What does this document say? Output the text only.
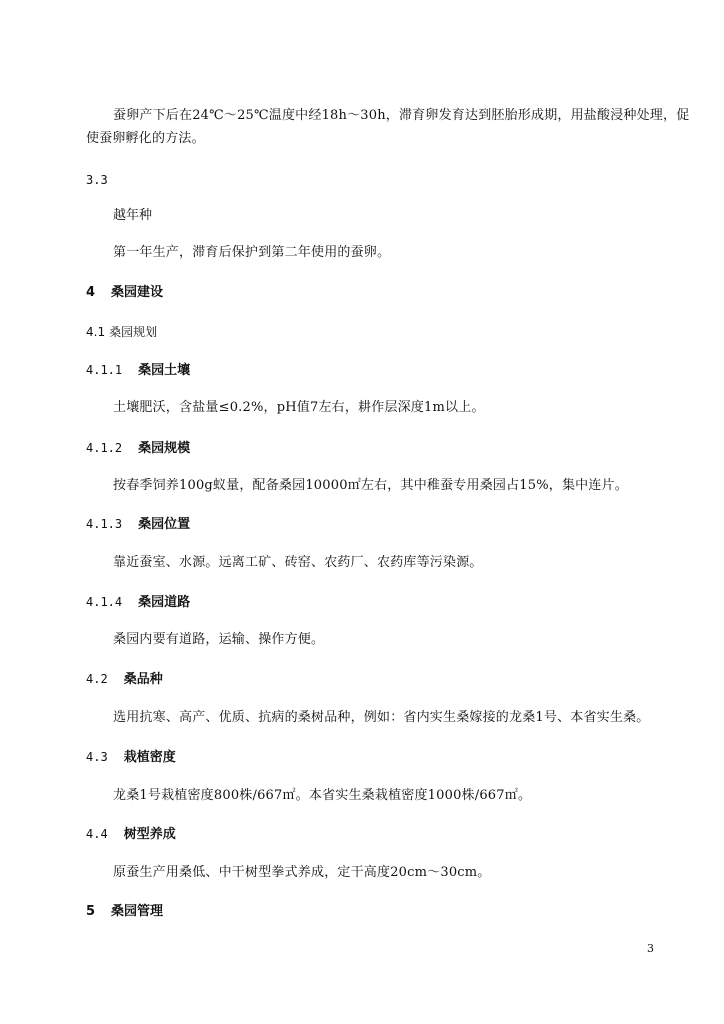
蚕卵产下后在24℃～25℃温度中经18h～30h，滞育卵发育达到胚胎形成期，用盐酸浸种处理，促
使蚕卵孵化的方法。
3.3
越年种
第一年生产，滞育后保护到第二年使用的蚕卵。
4 桑园建设
4.1 桑园规划
4.1.1 桑园土壤
土壤肥沃，含盐量≤0.2%，pH值7左右，耕作层深度1m以上。
4.1.2 桑园规模
按春季饲养100g蚁量，配备桑园10000㎡左右，其中稚蚕专用桑园占15%，集中连片。
4.1.3 桑园位置
靠近蚕室、水源。远离工矿、砖窑、农药厂、农药库等污染源。
4.1.4 桑园道路
桑园内要有道路，运输、操作方便。
4.2 桑品种
选用抗寒、高产、优质、抗病的桑树品种，例如：省内实生桑嫁接的龙桑1号、本省实生桑。
4.3 栽植密度
龙桑1号栽植密度800株/667㎡。本省实生桑栽植密度1000株/667㎡。
4.4 树型养成
原蚕生产用桑低、中干树型拳式养成，定干高度20cm～30cm。
5 桑园管理
3
